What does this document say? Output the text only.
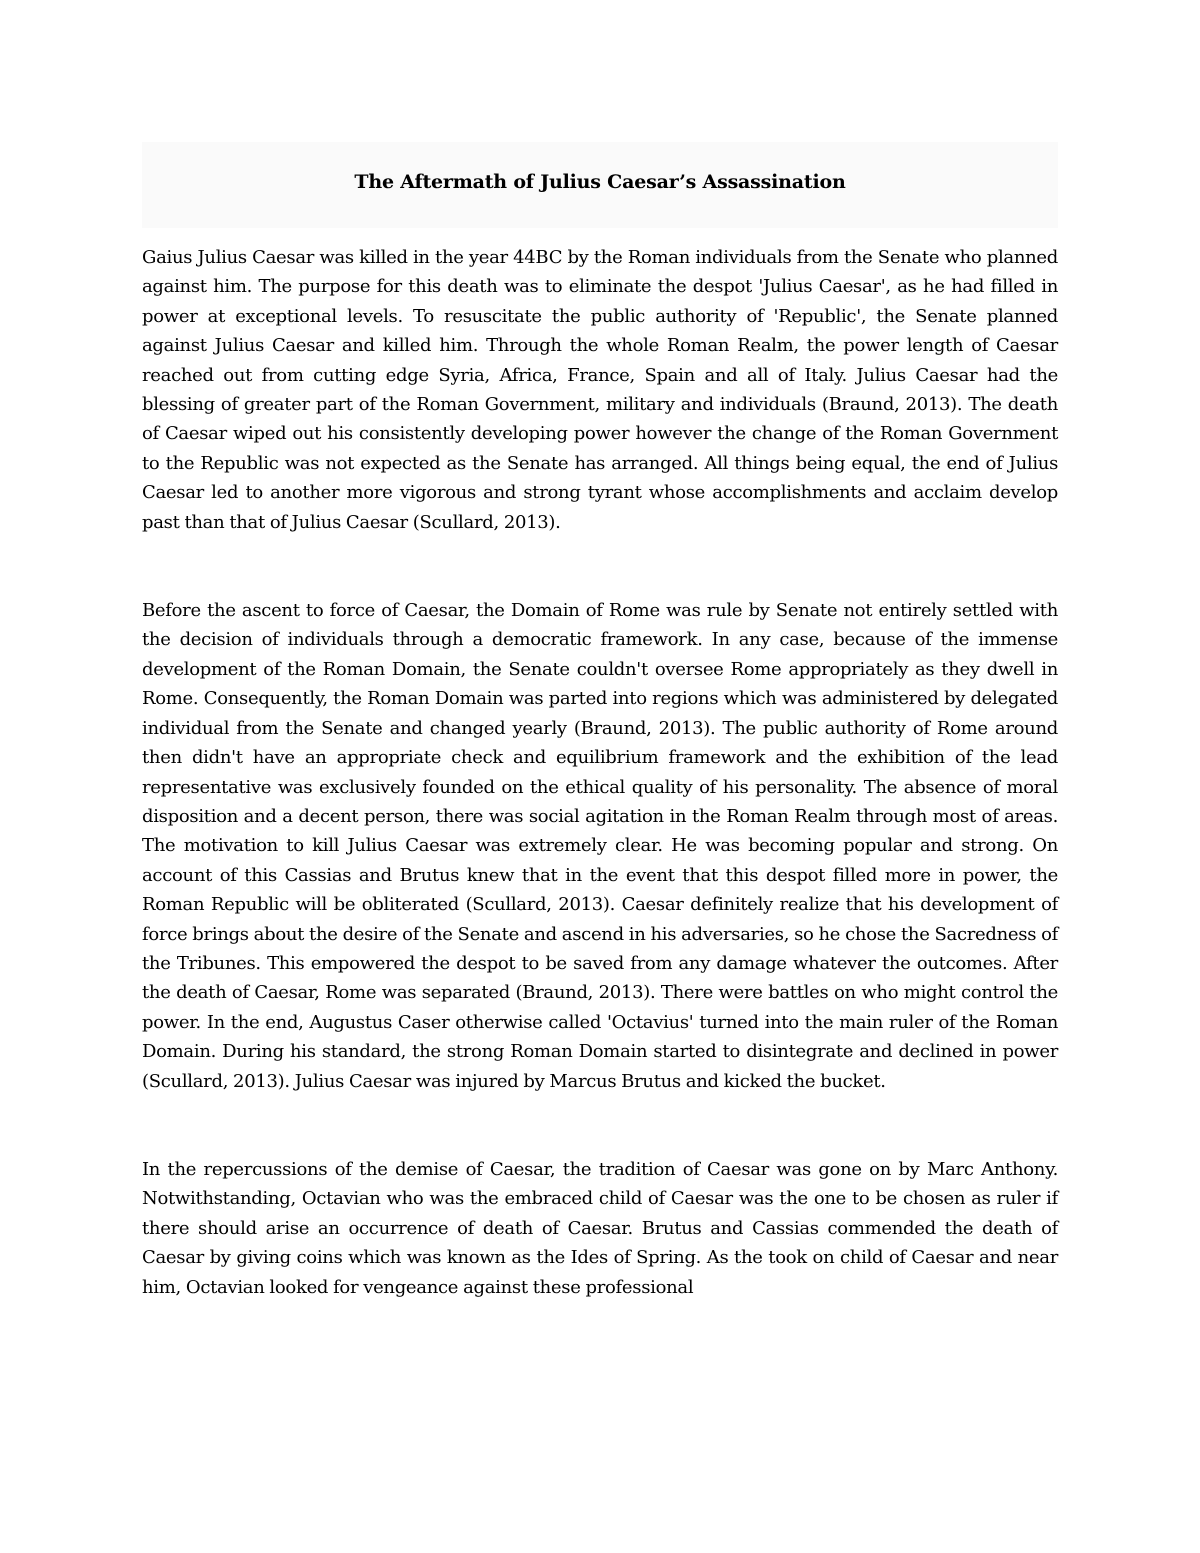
The Aftermath of Julius Caesar’s Assassination

Gaius Julius Caesar was killed in the year 44BC by the Roman individuals from the Senate who planned against him. The purpose for this death was to eliminate the despot 'Julius Caesar', as he had filled in power at exceptional levels. To resuscitate the public authority of 'Republic', the Senate planned against Julius Caesar and killed him. Through the whole Roman Realm, the power length of Caesar reached out from cutting edge Syria, Africa, France, Spain and all of Italy. Julius Caesar had the blessing of greater part of the Roman Government, military and individuals (Braund, 2013). The death of Caesar wiped out his consistently developing power however the change of the Roman Government to the Republic was not expected as the Senate has arranged. All things being equal, the end of Julius Caesar led to another more vigorous and strong tyrant whose accomplishments and acclaim develop past than that of Julius Caesar (Scullard, 2013).

Before the ascent to force of Caesar, the Domain of Rome was rule by Senate not entirely settled with the decision of individuals through a democratic framework. In any case, because of the immense development of the Roman Domain, the Senate couldn't oversee Rome appropriately as they dwell in Rome. Consequently, the Roman Domain was parted into regions which was administered by delegated individual from the Senate and changed yearly (Braund, 2013). The public authority of Rome around then didn't have an appropriate check and equilibrium framework and the exhibition of the lead representative was exclusively founded on the ethical quality of his personality. The absence of moral disposition and a decent person, there was social agitation in the Roman Realm through most of areas. The motivation to kill Julius Caesar was extremely clear. He was becoming popular and strong. On account of this Cassias and Brutus knew that in the event that this despot filled more in power, the Roman Republic will be obliterated (Scullard, 2013). Caesar definitely realize that his development of force brings about the desire of the Senate and ascend in his adversaries, so he chose the Sacredness of the Tribunes. This empowered the despot to be saved from any damage whatever the outcomes. After the death of Caesar, Rome was separated (Braund, 2013). There were battles on who might control the power. In the end, Augustus Caser otherwise called 'Octavius' turned into the main ruler of the Roman Domain. During his standard, the strong Roman Domain started to disintegrate and declined in power (Scullard, 2013). Julius Caesar was injured by Marcus Brutus and kicked the bucket.

In the repercussions of the demise of Caesar, the tradition of Caesar was gone on by Marc Anthony. Notwithstanding, Octavian who was the embraced child of Caesar was the one to be chosen as ruler if there should arise an occurrence of death of Caesar. Brutus and Cassias commended the death of Caesar by giving coins which was known as the Ides of Spring. As the took on child of Caesar and near him, Octavian looked for vengeance against these professional
